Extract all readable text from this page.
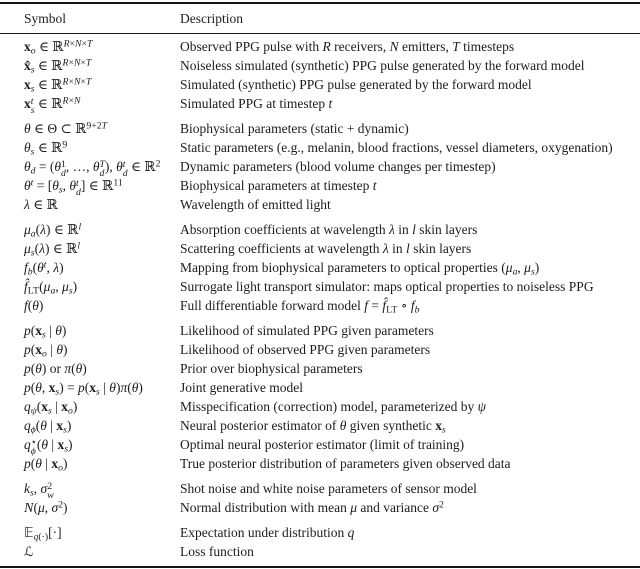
Symbol	Description
$x_o$ ∈ ℝ$^{R\times N\times T}$	Observed PPG pulse with R receivers, N emitters, T timesteps
$x̂_s$ ∈ ℝ$^{R\times N\times T}$	Noiseless simulated (synthetic) PPG pulse generated by the forward model
$x_s$ ∈ ℝ$^{R\times N\times T}$	Simulated (synthetic) PPG pulse generated by the forward model
x t
s ∈ ℝ$^{R\times N}$	Simulated PPG at timestep t
θ ∈ Θ ⊂ ℝ$^{9+2T}$	Biophysical parameters (static + dynamic)
$\theta_s$ ∈ ℝ$^9$	Static parameters (e.g., melanin, blood fractions, vessel diameters, oxygenation)
$\theta_d = (\theta$ 1
d , …, θ T
d ), θ t
d ∈ ℝ$^2$	Dynamic parameters (blood volume changes per timestep)
$\theta^t = [\theta_s$, θ t
d ] ∈ ℝ$^{11}$	Biophysical parameters at timestep t
λ ∈ ℝ	Wavelength of emitted light
$\mu_a(\lambda)$ ∈ ℝ$^l$	Absorption coefficients at wavelength λ in l skin layers
$\mu_s(\lambda)$ ∈ ℝ$^l$	Scattering coefficients at wavelength λ in l skin layers
$f_b(\theta^t$, λ)	Mapping from biophysical parameters to optical properties ($\mu_a$, $\mu_s$)
$f̂_{LT}(\mu_a$, $\mu_s$)	Surrogate light transport simulator: maps optical properties to noiseless PPG
f(θ)	Full differentiable forward model $f = f̂_{LT}$ ∘ $f_b$
$p(x_s$ | θ)	Likelihood of simulated PPG given parameters
$p(x_o$ | θ)	Likelihood of observed PPG given parameters
p(θ) or π(θ)	Prior over biophysical parameters
p(θ, $x_s) = p(x_s$ | θ)π(θ)	Joint generative model
$q_\psi(x_s$ | $x_o$)	Misspecification (correction) model, parameterized by ψ
$q_\phi(\theta$ | $x_s$)	Neural posterior estimator of θ given synthetic $x_s$
q ⋆
ϕ (θ | $x_s$)	Optimal neural posterior estimator (limit of training)
p(θ | $x_o$)	True posterior distribution of parameters given observed data
$k_s$, σ 2
w	Shot noise and white noise parameters of sensor model
N(μ, $\sigma^2$)	Normal distribution with mean μ and variance $\sigma^2$
𝔼$_{q(\cdot)}$[·]	Expectation under distribution q
ℒ	Loss function
